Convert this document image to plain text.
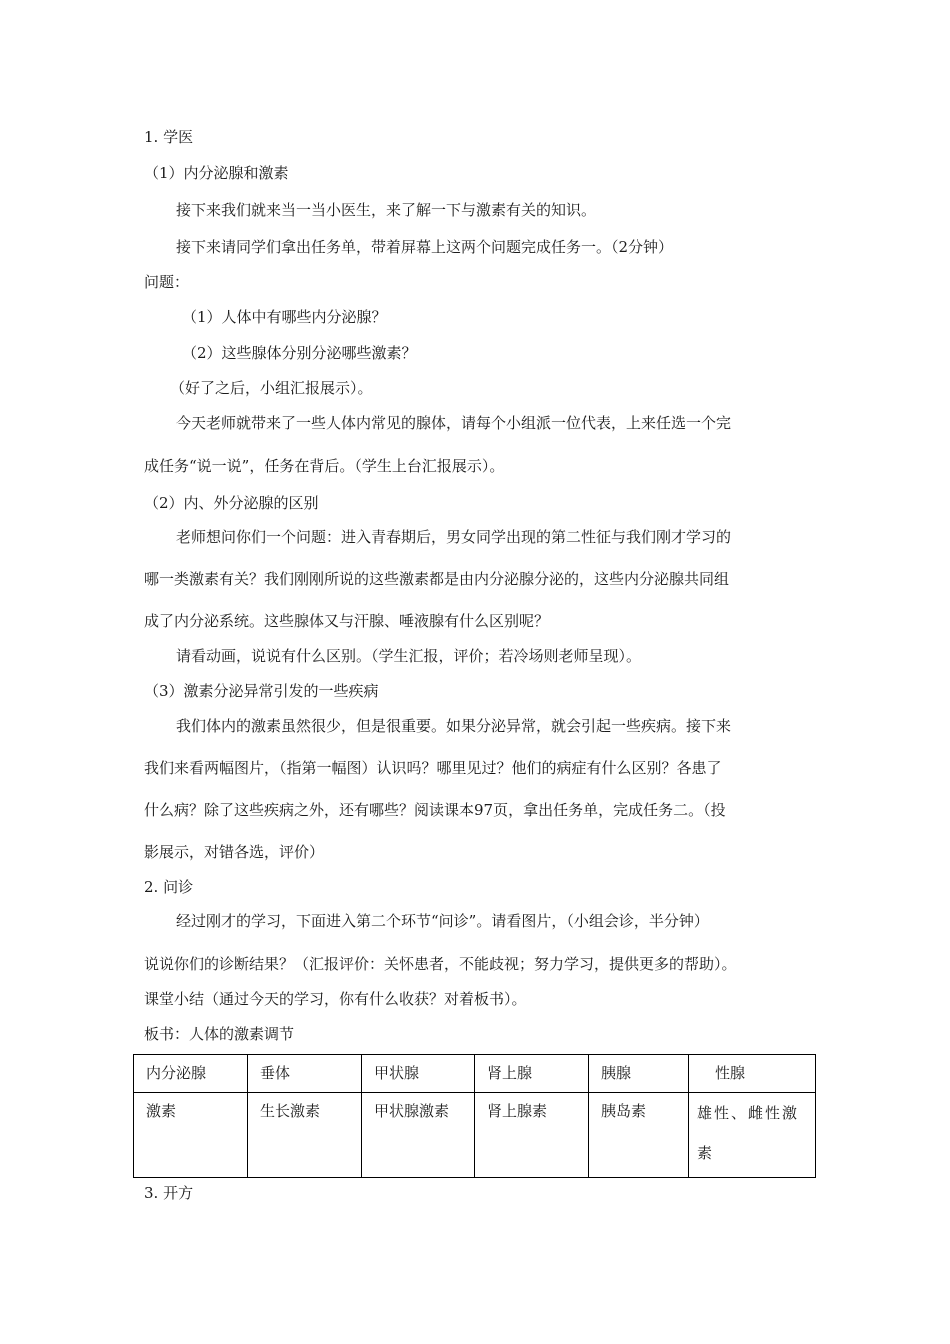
1. 学医
（1）内分泌腺和激素
接下来我们就来当一当小医生，来了解一下与激素有关的知识。
接下来请同学们拿出任务单，带着屏幕上这两个问题完成任务一。（2分钟）
问题：
（1）人体中有哪些内分泌腺？
（2）这些腺体分别分泌哪些激素？
（好了之后，小组汇报展示）。
今天老师就带来了一些人体内常见的腺体，请每个小组派一位代表，上来任选一个完
成任务“说一说”，任务在背后。（学生上台汇报展示）。
（2）内、外分泌腺的区别
老师想问你们一个问题：进入青春期后，男女同学出现的第二性征与我们刚才学习的
哪一类激素有关？我们刚刚所说的这些激素都是由内分泌腺分泌的，这些内分泌腺共同组
成了内分泌系统。这些腺体又与汗腺、唾液腺有什么区别呢？
请看动画，说说有什么区别。（学生汇报，评价；若冷场则老师呈现）。
（3）激素分泌异常引发的一些疾病
我们体内的激素虽然很少，但是很重要。如果分泌异常，就会引起一些疾病。接下来
我们来看两幅图片，（指第一幅图）认识吗？哪里见过？他们的病症有什么区别？各患了
什么病？除了这些疾病之外，还有哪些？阅读课本97页，拿出任务单，完成任务二。（投
影展示，对错各选，评价）
2. 问诊
经过刚才的学习，下面进入第二个环节“问诊”。请看图片，（小组会诊，半分钟）
说说你们的诊断结果？（汇报评价：关怀患者，不能歧视；努力学习，提供更多的帮助）。
课堂小结（通过今天的学习，你有什么收获？对着板书）。
板书：人体的激素调节
内分泌腺	垂体	甲状腺	肾上腺	胰腺	性腺
激素	生长激素	甲状腺激素	肾上腺素	胰岛素	雄性、雌性激素
3. 开方
